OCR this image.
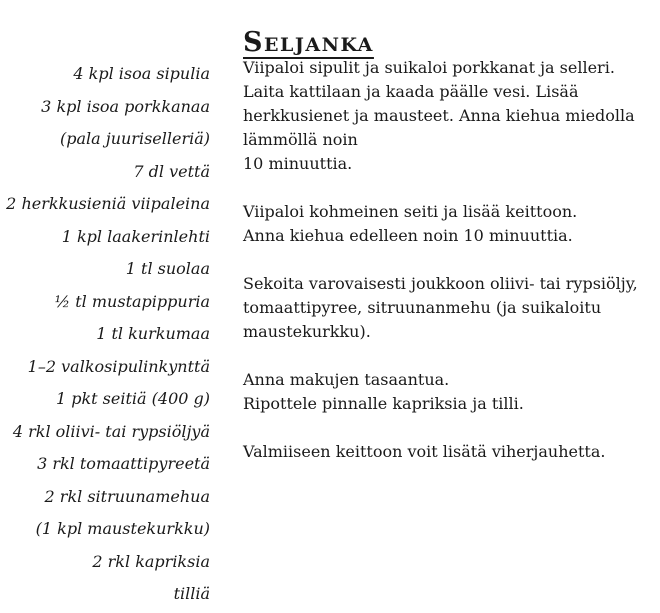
Seljanka
4 kpl isoa sipulia
3 kpl isoa porkkanaa
(pala juuriselleriä)
7 dl vettä
2 herkkusieniä viipaleina
1 kpl laakerinlehti
1 tl suolaa
½ tl mustapippuria
1 tl kurkumaa
1–2 valkosipulinkynttä
1 pkt seitiä (400 g)
4 rkl oliivi- tai rypsiöljyä
3 rkl tomaattipyreetä
2 rkl sitruunamehua
(1 kpl maustekurkku)
2 rkl kapriksia
tilliä
Viipaloi sipulit ja suikaloi porkkanat ja selleri.
Laita kattilaan ja kaada päälle vesi. Lisää
herkkusienet ja mausteet. Anna kiehua miedolla
lämmöllä noin
10 minuuttia.
Viipaloi kohmeinen seiti ja lisää keittoon.
Anna kiehua edelleen noin 10 minuuttia.
Sekoita varovaisesti joukkoon oliivi- tai rypsiöljy,
tomaattipyree, sitruunanmehu (ja suikaloitu
maustekurkku).
Anna makujen tasaantua.
Ripottele pinnalle kapriksia ja tilli.
Valmiiseen keittoon voit lisätä viherjauhetta.
